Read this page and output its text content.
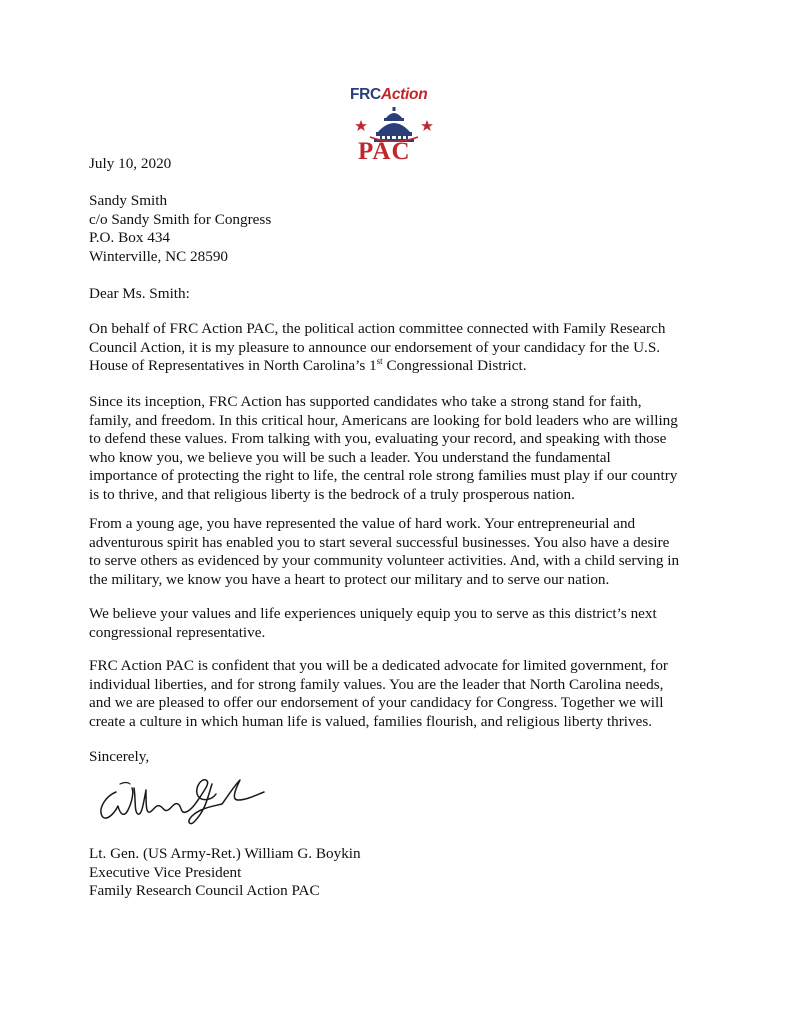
FRCAction
PAC
July 10, 2020
Sandy Smith
c/o Sandy Smith for Congress
P.O. Box 434
Winterville, NC 28590
Dear Ms. Smith:
On behalf of FRC Action PAC, the political action committee connected with Family Research
Council Action, it is my pleasure to announce our endorsement of your candidacy for the U.S.
House of Representatives in North Carolina’s 1st Congressional District.
Since its inception, FRC Action has supported candidates who take a strong stand for faith,
family, and freedom. In this critical hour, Americans are looking for bold leaders who are willing
to defend these values. From talking with you, evaluating your record, and speaking with those
who know you, we believe you will be such a leader. You understand the fundamental
importance of protecting the right to life, the central role strong families must play if our country
is to thrive, and that religious liberty is the bedrock of a truly prosperous nation.
From a young age, you have represented the value of hard work. Your entrepreneurial and
adventurous spirit has enabled you to start several successful businesses. You also have a desire
to serve others as evidenced by your community volunteer activities. And, with a child serving in
the military, we know you have a heart to protect our military and to serve our nation.
We believe your values and life experiences uniquely equip you to serve as this district’s next
congressional representative.
FRC Action PAC is confident that you will be a dedicated advocate for limited government, for
individual liberties, and for strong family values. You are the leader that North Carolina needs,
and we are pleased to offer our endorsement of your candidacy for Congress. Together we will
create a culture in which human life is valued, families flourish, and religious liberty thrives.
Sincerely,
Lt. Gen. (US Army-Ret.) William G. Boykin
Executive Vice President
Family Research Council Action PAC
